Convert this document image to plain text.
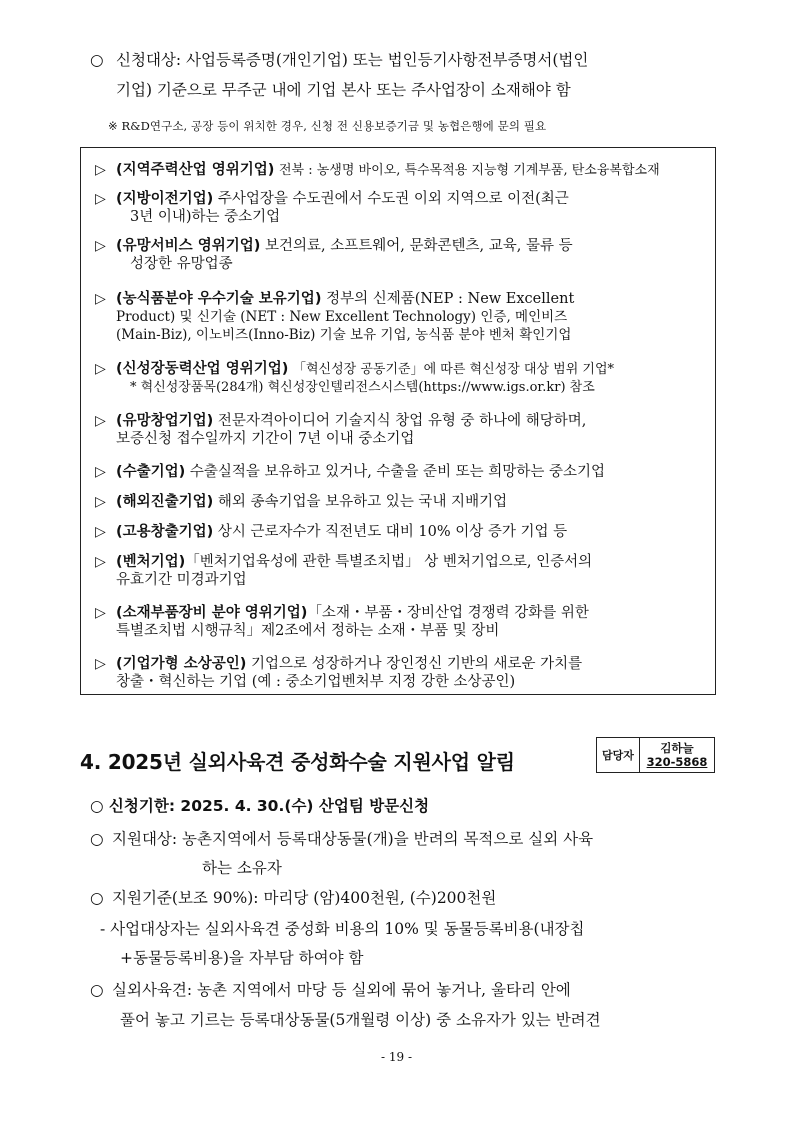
○ 신청대상: 사업등록증명(개인기업) 또는 법인등기사항전부증명서(법인
기업) 기준으로 무주군 내에 기업 본사 또는 주사업장이 소재해야 함
※ R&D연구소, 공장 등이 위치한 경우, 신청 전 신용보증기금 및 농협은행에 문의 필요
▷ (지역주력산업 영위기업) 전북 : 농생명 바이오, 특수목적용 지능형 기계부품, 탄소융복합소재
▷ (지방이전기업) 주사업장을 수도권에서 수도권 이외 지역으로 이전(최근
3년 이내)하는 중소기업
▷ (유망서비스 영위기업) 보건의료, 소프트웨어, 문화콘텐츠, 교육, 물류 등
성장한 유망업종
▷ (농식품분야 우수기술 보유기업) 정부의 신제품(NEP : New Excellent
Product) 및 신기술 (NET : New Excellent Technology) 인증, 메인비즈
(Main-Biz), 이노비즈(Inno-Biz) 기술 보유 기업, 농식품 분야 벤처 확인기업
▷ (신성장동력산업 영위기업) 「혁신성장 공동기준」에 따른 혁신성장 대상 범위 기업*
* 혁신성장품목(284개) 혁신성장인텔리전스시스템(https://www.igs.or.kr) 참조
▷ (유망창업기업) 전문자격아이디어 기술지식 창업 유형 중 하나에 해당하며,
보증신청 접수일까지 기간이 7년 이내 중소기업
▷ (수출기업) 수출실적을 보유하고 있거나, 수출을 준비 또는 희망하는 중소기업
▷ (해외진출기업) 해외 종속기업을 보유하고 있는 국내 지배기업
▷ (고용창출기업) 상시 근로자수가 직전년도 대비 10% 이상 증가 기업 등
▷ (벤처기업)「벤처기업육성에 관한 특별조치법」 상 벤처기업으로, 인증서의
유효기간 미경과기업
▷ (소재부품장비 분야 영위기업)「소재・부품・장비산업 경쟁력 강화를 위한
특별조치법 시행규칙」제2조에서 정하는 소재・부품 및 장비
▷ (기업가형 소상공인) 기업으로 성장하거나 장인정신 기반의 새로운 가치를
창출・혁신하는 기업 (예 : 중소기업벤처부 지정 강한 소상공인)
4. 2025년 실외사육견 중성화수술 지원사업 알림	담당자
김하늘
320-5868
○ 신청기한: 2025. 4. 30.(수) 산업팀 방문신청
○ 지원대상: 농촌지역에서 등록대상동물(개)을 반려의 목적으로 실외 사육
하는 소유자
○ 지원기준(보조 90%): 마리당 (암)400천원, (수)200천원
- 사업대상자는 실외사육견 중성화 비용의 10% 및 동물등록비용(내장칩
+동물등록비용)을 자부담 하여야 함
○ 실외사육견: 농촌 지역에서 마당 등 실외에 묶어 놓거나, 울타리 안에
풀어 놓고 기르는 등록대상동물(5개월령 이상) 중 소유자가 있는 반려견
- 19 -
